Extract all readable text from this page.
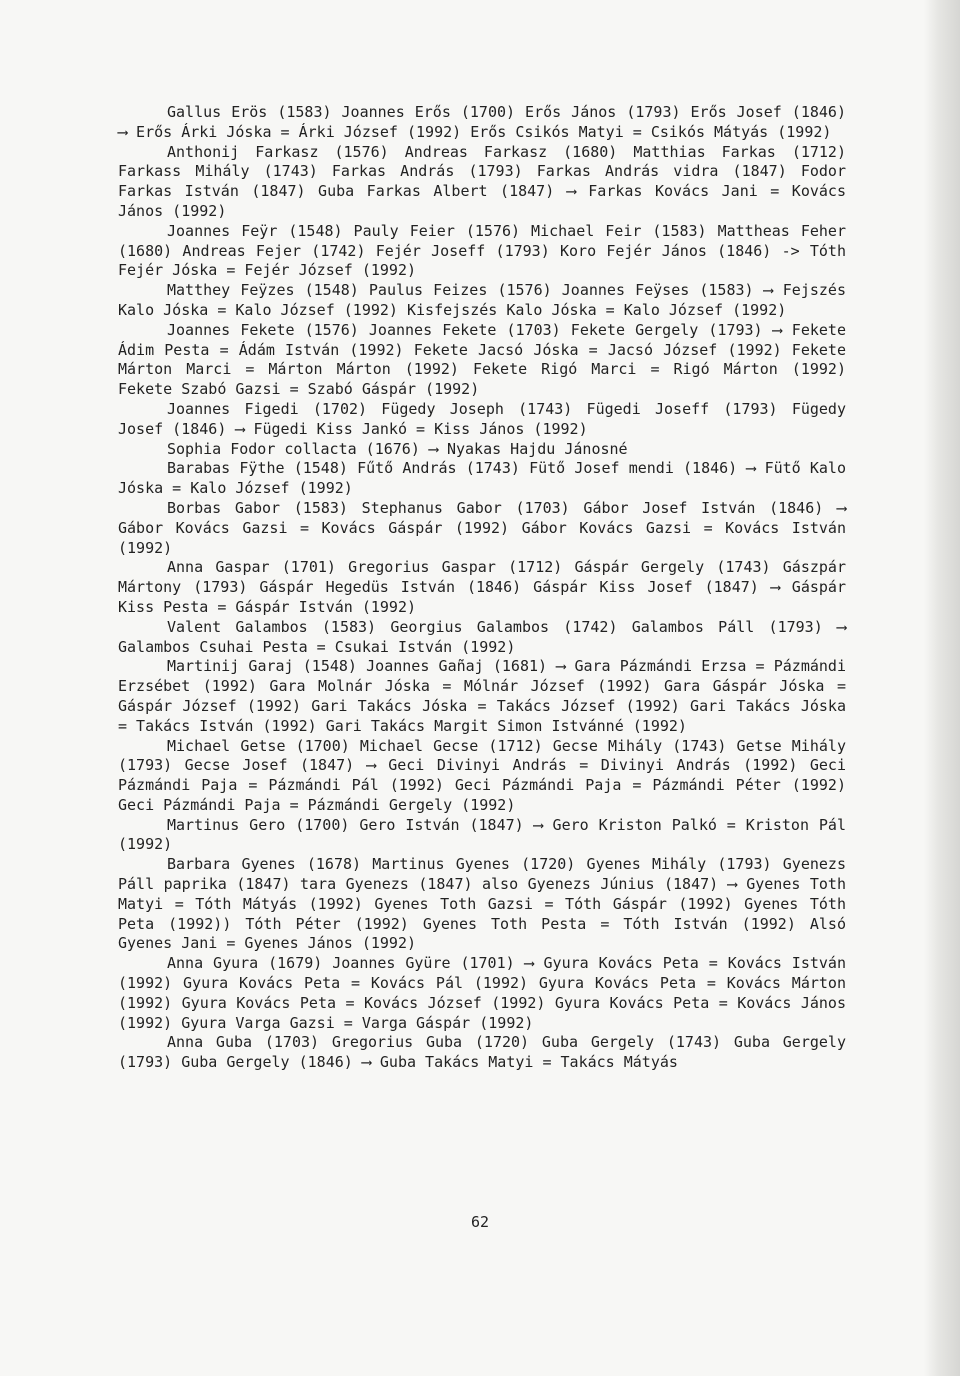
Gallus Erös (1583) Joannes Erős (1700) Erős János (1793) Erős Josef (1846) ⟶ Erős Árki Jóska = Árki József (1992) Erős Csikós Matyi = Csikós Mátyás (1992)

Anthonij Farkasz (1576) Andreas Farkasz (1680) Matthias Farkas (1712) Farkass Mihály (1743) Farkas András (1793) Farkas András vidra (1847) Fodor Farkas István (1847) Guba Farkas Albert (1847) ⟶ Farkas Kovács Jani = Kovács János (1992)

Joannes Feÿr (1548) Pauly Feier (1576) Michael Feir (1583) Mattheas Feher (1680) Andreas Fejer (1742) Fejér Joseff (1793) Koro Fejér János (1846) -> Tóth Fejér Jóska = Fejér József (1992)

Matthey Feÿzes (1548) Paulus Feizes (1576) Joannes Feÿses (1583) ⟶ Fejszés Kalo Jóska = Kalo József (1992) Kisfejszés Kalo Jóska = Kalo József (1992)

Joannes Fekete (1576) Joannes Fekete (1703) Fekete Gergely (1793) ⟶ Fekete Ádim Pesta = Ádám István (1992) Fekete Jacsó Jóska = Jacsó József (1992) Fekete Márton Marci = Márton Márton (1992) Fekete Rigó Marci = Rigó Márton (1992) Fekete Szabó Gazsi = Szabó Gáspár (1992)

Joannes Figedi (1702) Fügedy Joseph (1743) Fügedi Joseff (1793) Fügedy Josef (1846) ⟶ Fügedi Kiss Jankó = Kiss János (1992)

Sophia Fodor collacta (1676) ⟶ Nyakas Hajdu Jánosné

Barabas Fÿthe (1548) Fűtő András (1743) Fütő Josef mendi (1846) ⟶ Fütő Kalo Jóska = Kalo József (1992)

Borbas Gabor (1583) Stephanus Gabor (1703) Gábor Josef István (1846) ⟶ Gábor Kovács Gazsi = Kovács Gáspár (1992) Gábor Kovács Gazsi = Kovács István (1992)

Anna Gaspar (1701) Gregorius Gaspar (1712) Gáspár Gergely (1743) Gászpár Mártony (1793) Gáspár Hegedüs István (1846) Gáspár Kiss Josef (1847) ⟶ Gáspár Kiss Pesta = Gáspár István (1992)

Valent Galambos (1583) Georgius Galambos (1742) Galambos Páll (1793) ⟶ Galambos Csuhai Pesta = Csukai István (1992)

Martinij Garaj (1548) Joannes Gañaj (1681) ⟶ Gara Pázmándi Erzsa = Pázmándi Erzsébet (1992) Gara Molnár Jóska = Mólnár József (1992) Gara Gáspár Jóska = Gáspár József (1992) Gari Takács Jóska = Takács József (1992) Gari Takács Jóska = Takács István (1992) Gari Takács Margit Simon Istvánné (1992)

Michael Getse (1700) Michael Gecse (1712) Gecse Mihály (1743) Getse Mihály (1793) Gecse Josef (1847) ⟶ Geci Divinyi András = Divinyi András (1992) Geci Pázmándi Paja = Pázmándi Pál (1992) Geci Pázmándi Paja = Pázmándi Péter (1992) Geci Pázmándi Paja = Pázmándi Gergely (1992)

Martinus Gero (1700) Gero István (1847) ⟶ Gero Kriston Palkó = Kriston Pál (1992)

Barbara Gyenes (1678) Martinus Gyenes (1720) Gyenes Mihály (1793) Gyenezs Páll paprika (1847) tara Gyenezs (1847) also Gyenezs Június (1847) ⟶ Gyenes Toth Matyi = Tóth Mátyás (1992) Gyenes Toth Gazsi = Tóth Gáspár (1992) Gyenes Tóth Peta (1992)) Tóth Péter (1992) Gyenes Toth Pesta = Tóth István (1992) Alsó Gyenes Jani = Gyenes János (1992)

Anna Gyura (1679) Joannes Gyüre (1701) ⟶ Gyura Kovács Peta = Kovács István (1992) Gyura Kovács Peta = Kovács Pál (1992) Gyura Kovács Peta = Kovács Márton (1992) Gyura Kovács Peta = Kovács József (1992) Gyura Kovács Peta = Kovács János (1992) Gyura Varga Gazsi = Varga Gáspár (1992)

Anna Guba (1703) Gregorius Guba (1720) Guba Gergely (1743) Guba Gergely (1793) Guba Gergely (1846) ⟶ Guba Takács Matyi = Takács Mátyás

62
